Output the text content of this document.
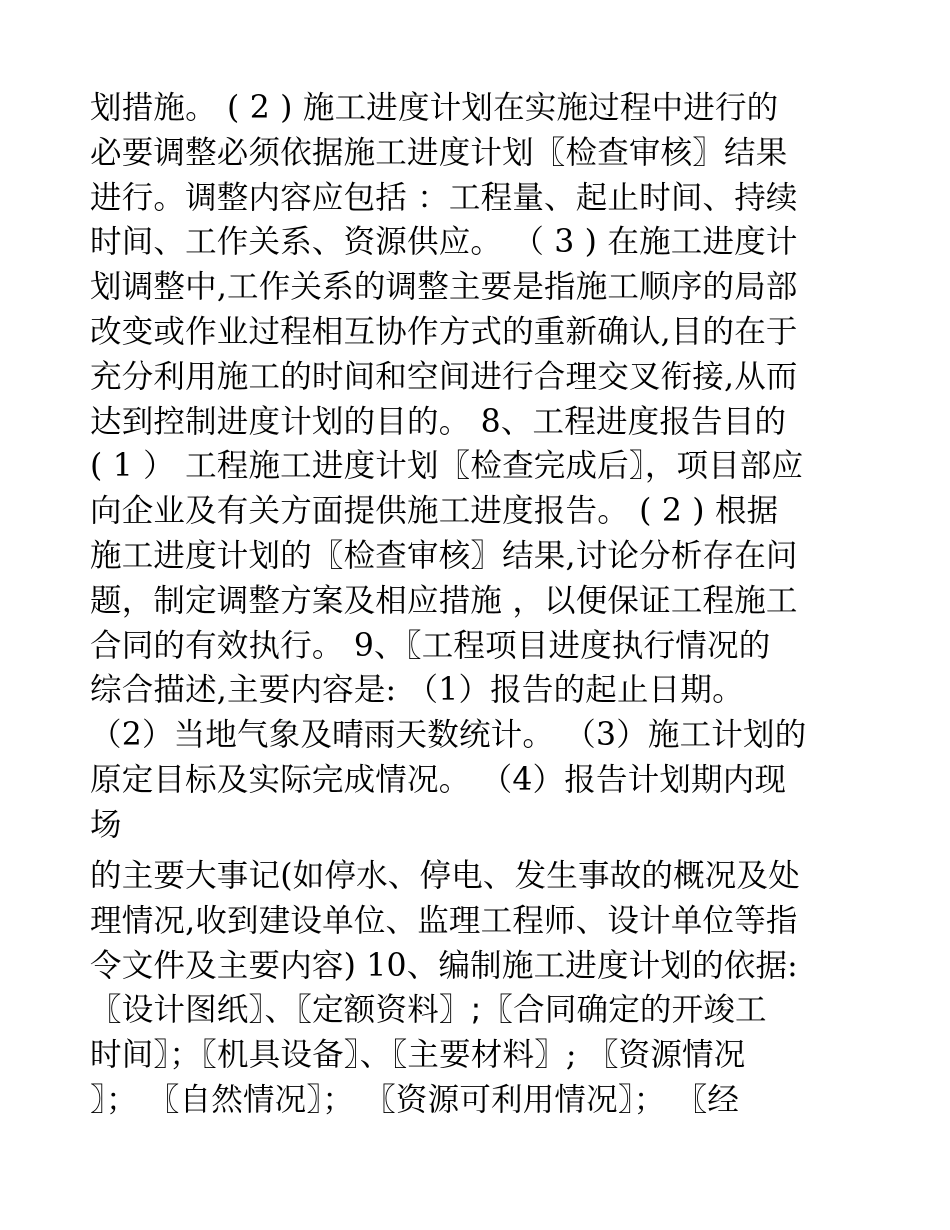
划措施。 ( 2 ) 施工进度计划在实施过程中进行的
必要调整必须依据施工进度计划〖检查审核〗结果
进行。调整内容应包括 ：工程量、起止时间、持续
时间、工作关系、资源供应。 （ 3 ) 在施工进度计
划调整中,工作关系的调整主要是指施工顺序的局部
改变或作业过程相互协作方式的重新确认,目的在于
充分利用施工的时间和空间进行合理交叉衔接,从而
达到控制进度计划的目的。 8、工程进度报告目的
( 1 ） 工程施工进度计划〖检查完成后〗，项目部应
向企业及有关方面提供施工进度报告。 ( 2 ) 根据
施工进度计划的〖检查审核〗结果,讨论分析存在问
题，制定调整方案及相应措施 ，以便保证工程施工
合同的有效执行。 9、〖工程项目进度执行情况的
综合描述,主要内容是: （1）报告的起止日期。
（2）当地气象及晴雨天数统计。 （3）施工计划的
原定目标及实际完成情况。 （4）报告计划期内现
场
的主要大事记(如停水、停电、发生事故的概况及处
理情况,收到建设单位、监理工程师、设计单位等指
令文件及主要内容) 10、编制施工进度计划的依据:
〖设计图纸〗、〖定额资料〗;〖合同确定的开竣工
时间〗；〖机具设备〗、〖主要材料〗; 〖资源情况
〗； 〖自然情况〗； 〖资源可利用情况〗； 〖经
